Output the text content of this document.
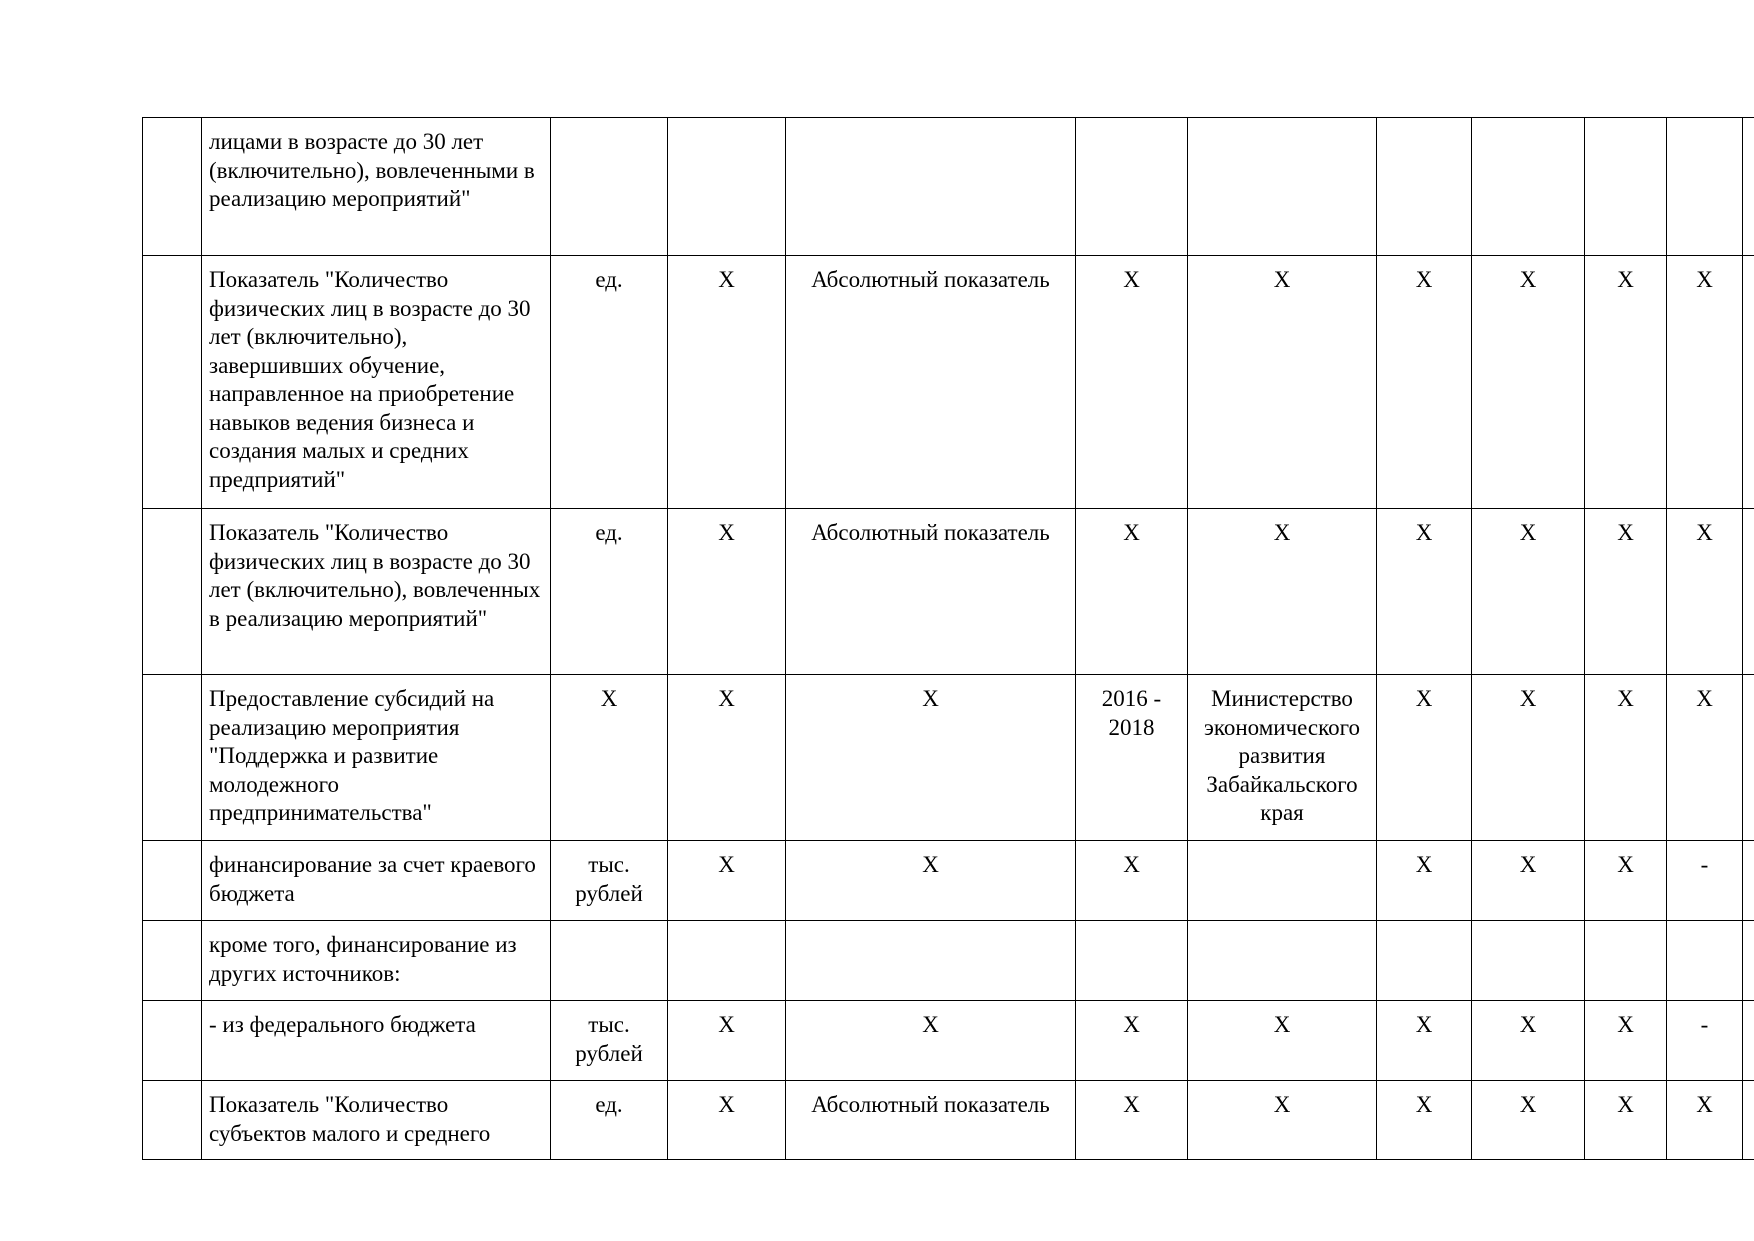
	лицами в возрасте до 30 лет (включительно), вовлеченными в реализацию мероприятий"										
	Показатель "Количество физических лиц в возрасте до 30 лет (включительно), завершивших обучение, направленное на приобретение навыков ведения бизнеса и создания малых и средних предприятий"	ед.	X	Абсолютный показатель	X	X	X	X	X	X	
	Показатель "Количество физических лиц в возрасте до 30 лет (включительно), вовлеченных в реализацию мероприятий"	ед.	X	Абсолютный показатель	X	X	X	X	X	X	
	Предоставление субсидий на реализацию мероприятия "Поддержка и развитие молодежного предпринимательства"	X	X	X	2016 - 2018	Министерство экономического развития Забайкальского края	X	X	X	X	
	финансирование за счет краевого бюджета	тыс. рублей	X	X	X		X	X	X	-	
	кроме того, финансирование из других источников:										
	- из федерального бюджета	тыс. рублей	X	X	X	X	X	X	X	-	
	Показатель "Количество субъектов малого и среднего	ед.	X	Абсолютный показатель	X	X	X	X	X	X	
